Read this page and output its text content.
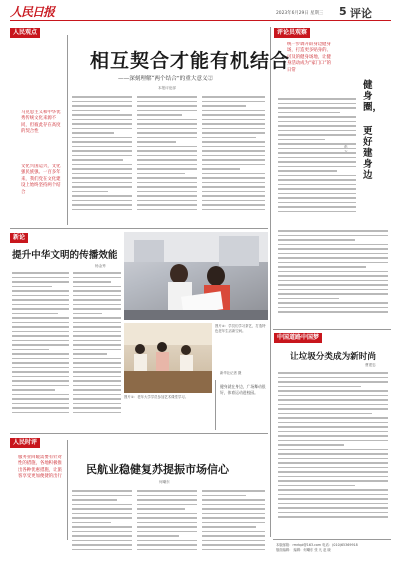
人民日报	2023年6月29日 星期三 5 评论
人民观点
相互契合才能有机结合
——深刻理解“两个结合”的重大意义②
本报评论部
马克思主义和中华优秀传统文化来源不同，但彼此存在高度的契合性
文化兴国运兴，文化强民族强。一百多年来，我们党在文化建设上始终坚持两个结合
新论
提升中华文明的传播效能
杨金秀
图片②：学员们学习茶艺，打造特色老年生活新空间。
新华社记者 摄
图片①：老年大学学员参加艺术课堂学习。
健身就在身边，广场舞动很好，体育运动进校园。
人民时评
服务业回暖需要有针对性的措施，各地积极推出各种优惠措施，让旅客享受更加便捷的出行
民航业稳健复苏提振市场信心
何曦东
评论员观察
统一步调开辟身边健身场，打造更多贴身的、可及的健身场地，让健身活动成为“家门口”的日常
健身圈，
更好建身边
中国道路中国梦
让垃圾分类成为新时尚
曹建忠
本版邮箱：rmrbpl@163.com 电话：(010)65369918
版面编辑： 编辑：何曦东 张 凡 赵 晓
